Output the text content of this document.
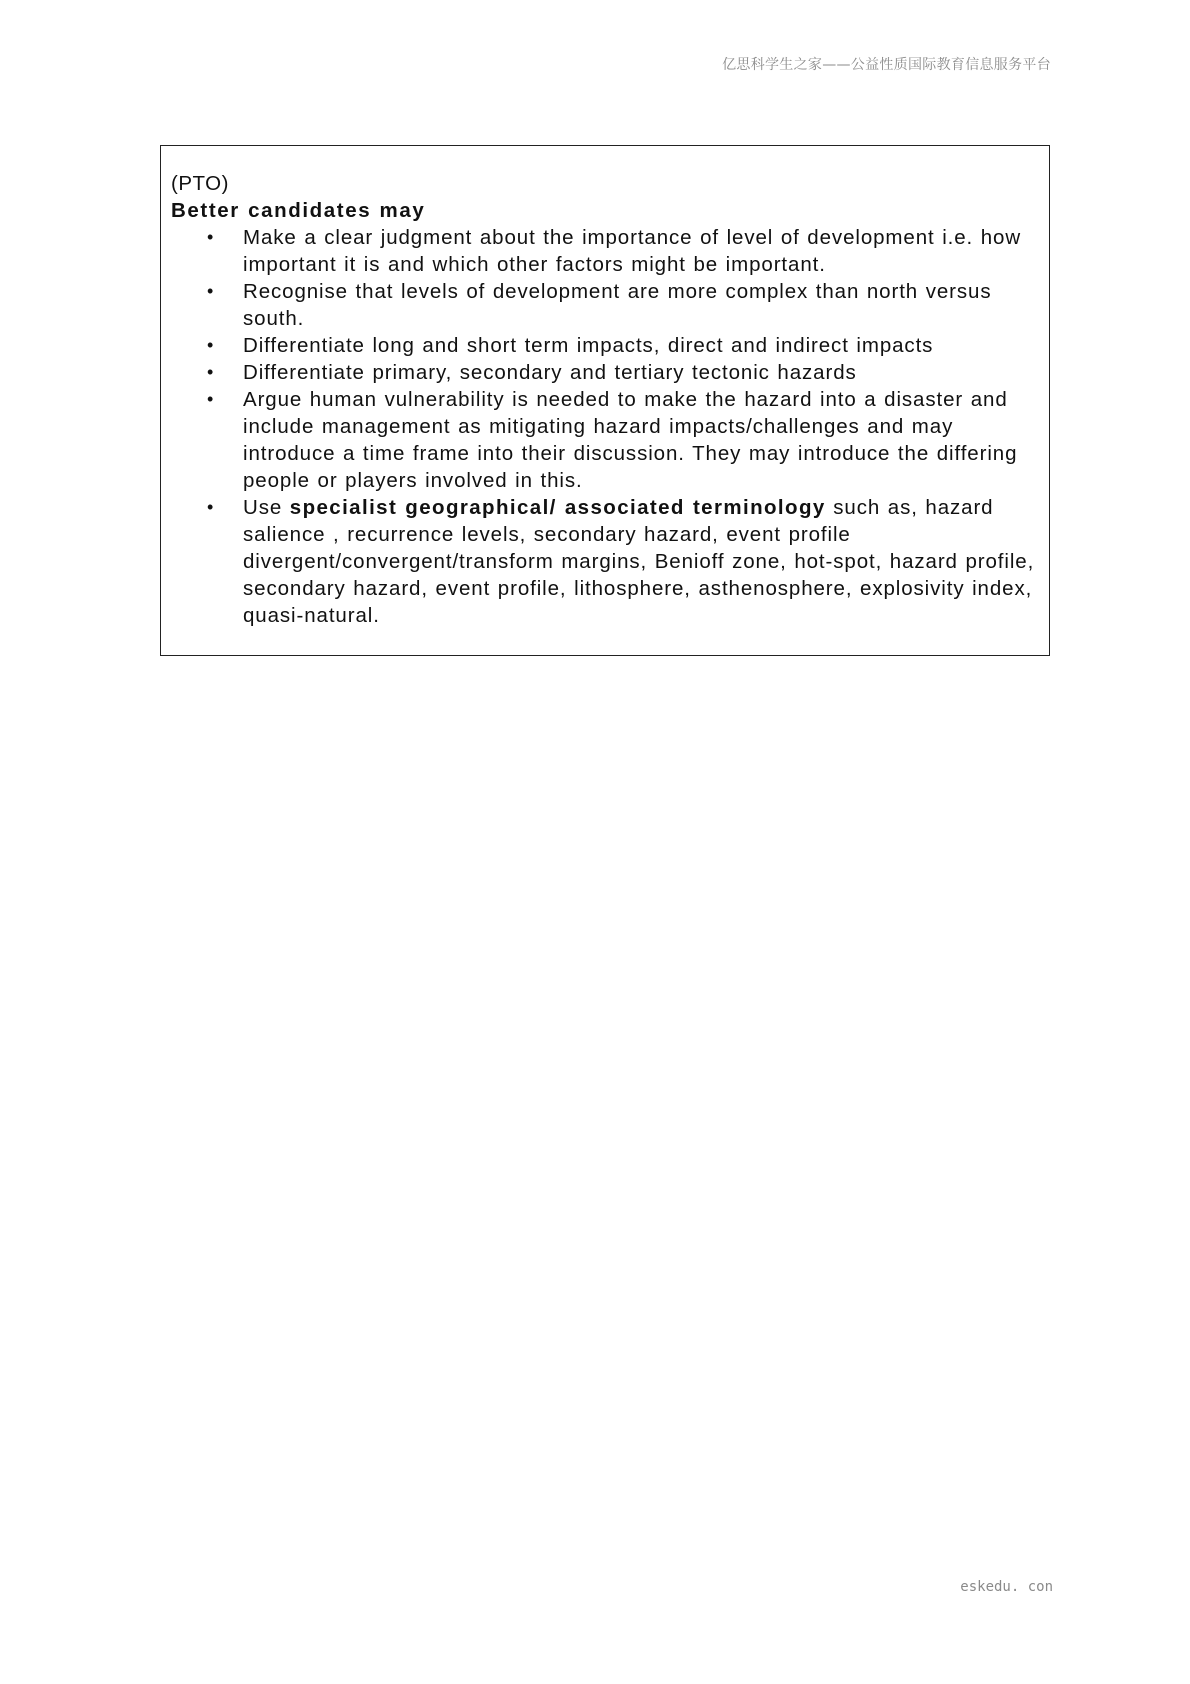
亿思科学生之家——公益性质国际教育信息服务平台
(PTO)
Better candidates may
• Make a clear judgment about the importance of level of development i.e. how important it is and which other factors might be important.
• Recognise that levels of development are more complex than north versus south.
• Differentiate long and short term impacts, direct and indirect impacts
• Differentiate primary, secondary and tertiary tectonic hazards
• Argue human vulnerability is needed to make the hazard into a disaster and include management as mitigating hazard impacts/challenges and may introduce a time frame into their discussion. They may introduce the differing people or players involved in this.
• Use specialist geographical/ associated terminology such as, hazard salience , recurrence levels, secondary hazard, event profile divergent/convergent/transform margins, Benioff zone, hot-spot, hazard profile, secondary hazard, event profile, lithosphere, asthenosphere, explosivity index, quasi-natural.
eskedu. con
